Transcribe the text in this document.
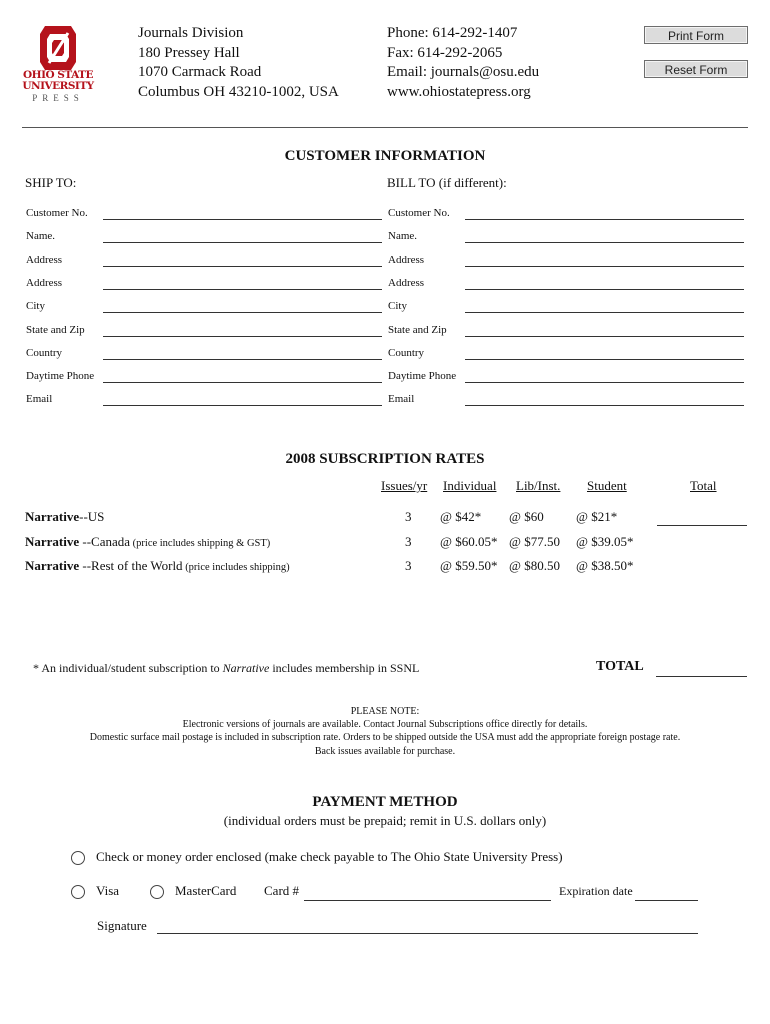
OHIO STATE
UNIVERSITY
PRESS
Journals Division
180 Pressey Hall
1070 Carmack Road
Columbus OH 43210-1002, USA
Phone: 614-292-1407
Fax: 614-292-2065
Email: journals@osu.edu
www.ohiostatepress.org
Print Form
Reset Form
CUSTOMER INFORMATION
SHIP TO:	BILL TO (if different):
Customer No.	Customer No.
Name.	Name.
Address	Address
Address	Address
City	City
State and Zip	State and Zip
Country	Country
Daytime Phone	Daytime Phone
Email	Email
2008 SUBSCRIPTION RATES
Issues/yr Individual Lib/Inst. Student	Total
Narrative--US	3 @ $42* @ $60 @ $21*
Narrative --Canada (price includes shipping & GST)	3 @ $60.05* @ $77.50 @ $39.05*
Narrative --Rest of the World (price includes shipping)	3 @ $59.50* @ $80.50 @ $38.50*
* An individual/student subscription to Narrative includes membership in SSNL	TOTAL
PLEASE NOTE:
Electronic versions of journals are available. Contact Journal Subscriptions office directly for details.
Domestic surface mail postage is included in subscription rate. Orders to be shipped outside the USA must add the appropriate foreign postage rate.
Back issues available for purchase.
PAYMENT METHOD
(individual orders must be prepaid; remit in U.S. dollars only)
Check or money order enclosed (make check payable to The Ohio State University Press)
Visa	MasterCard Card #	Expiration date
Signature
